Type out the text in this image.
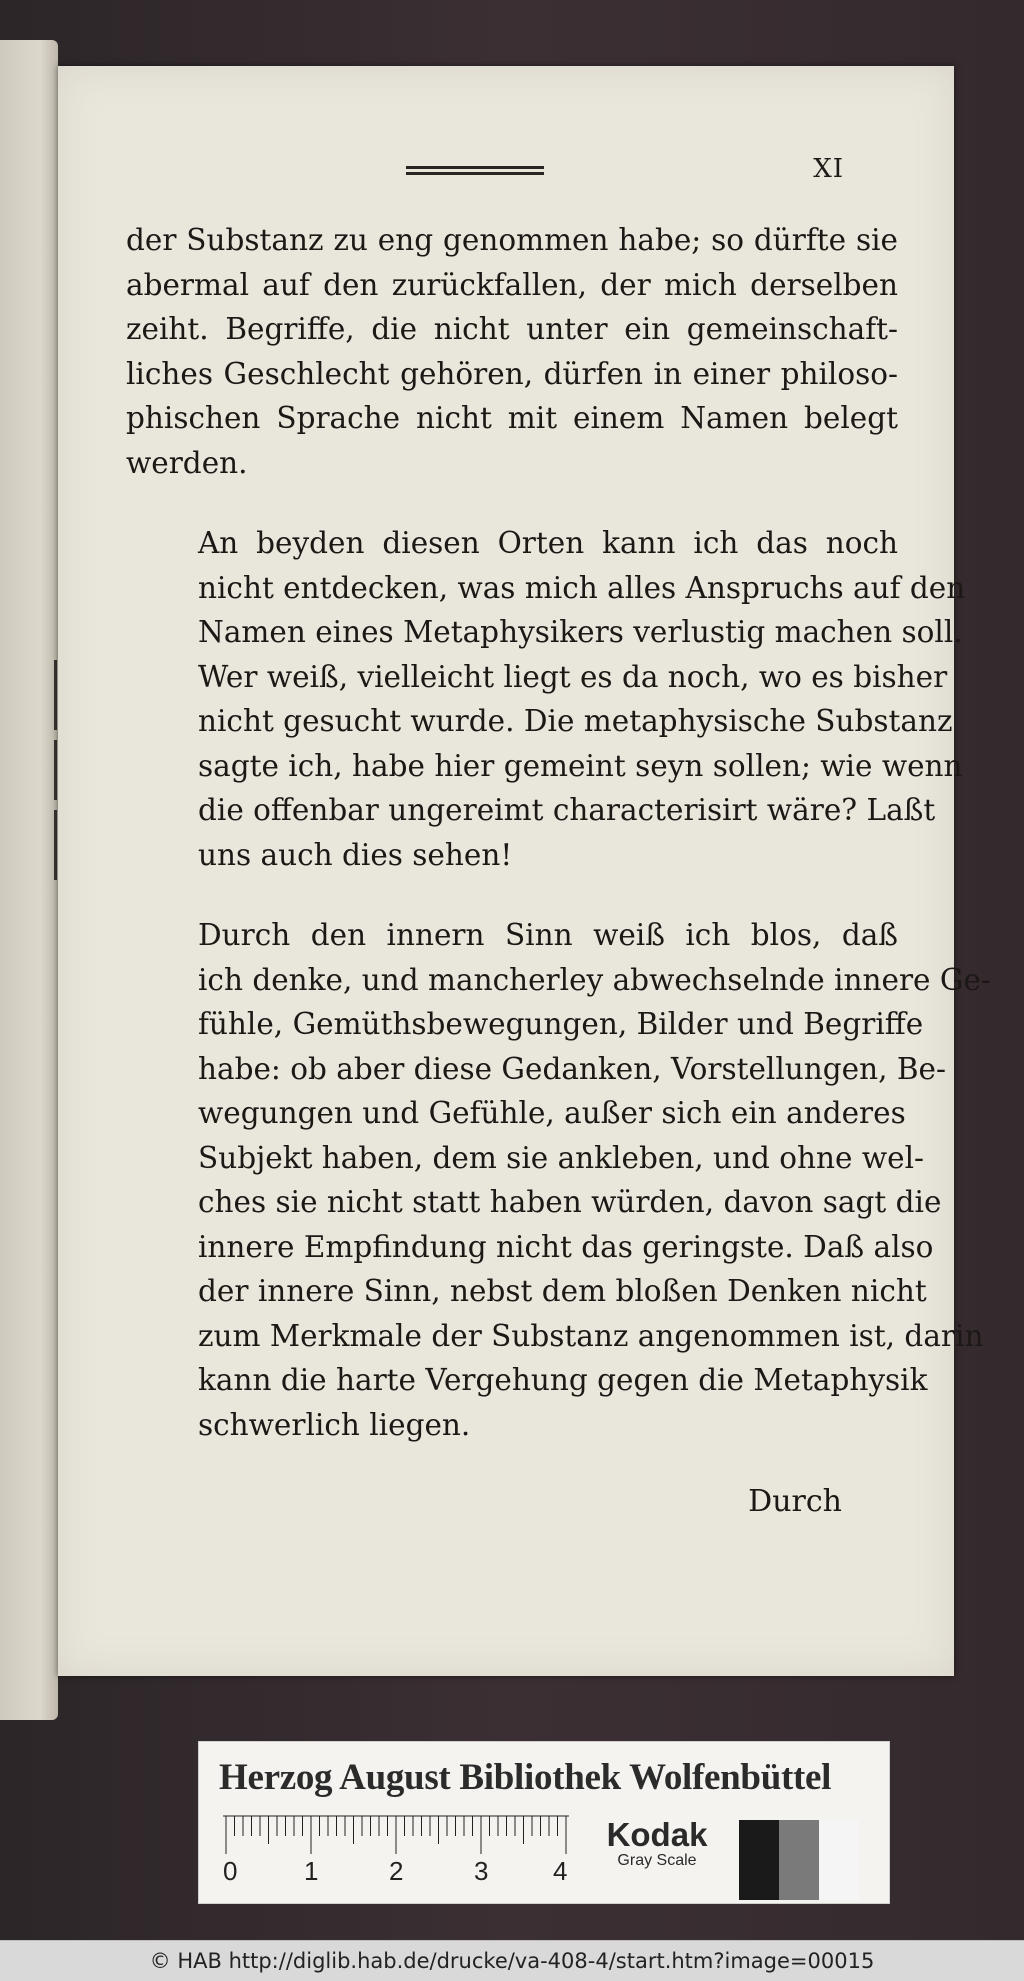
XI

der Substanz zu eng genommen habe; so dürfte sie
abermal auf den zurückfallen, der mich derselben
zeiht. Begriffe, die nicht unter ein gemeinschaft-
liches Geschlecht gehören, dürfen in einer philoso-
phischen Sprache nicht mit einem Namen belegt
werden.

An beyden diesen Orten kann ich das noch
nicht entdecken, was mich alles Anspruchs auf den
Namen eines Metaphysikers verlustig machen soll.
Wer weiß, vielleicht liegt es da noch, wo es bisher
nicht gesucht wurde. Die metaphysische Substanz
sagte ich, habe hier gemeint seyn sollen; wie wenn
die offenbar ungereimt characterisirt wäre? Laßt
uns auch dies sehen!

Durch den innern Sinn weiß ich blos, daß
ich denke, und mancherley abwechselnde innere Ge-
fühle, Gemüthsbewegungen, Bilder und Begriffe
habe: ob aber diese Gedanken, Vorstellungen, Be-
wegungen und Gefühle, außer sich ein anderes
Subjekt haben, dem sie ankleben, und ohne wel-
ches sie nicht statt haben würden, davon sagt die
innere Empfindung nicht das geringste. Daß also
der innere Sinn, nebst dem bloßen Denken nicht
zum Merkmale der Substanz angenommen ist, darin
kann die harte Vergehung gegen die Metaphysik
schwerlich liegen.

Durch
Herzog August Bibliothek Wolfenbüttel
0	1	2	3 4
Kodak
Gray Scale
© HAB http://diglib.hab.de/drucke/va-408-4/start.htm?image=00015
